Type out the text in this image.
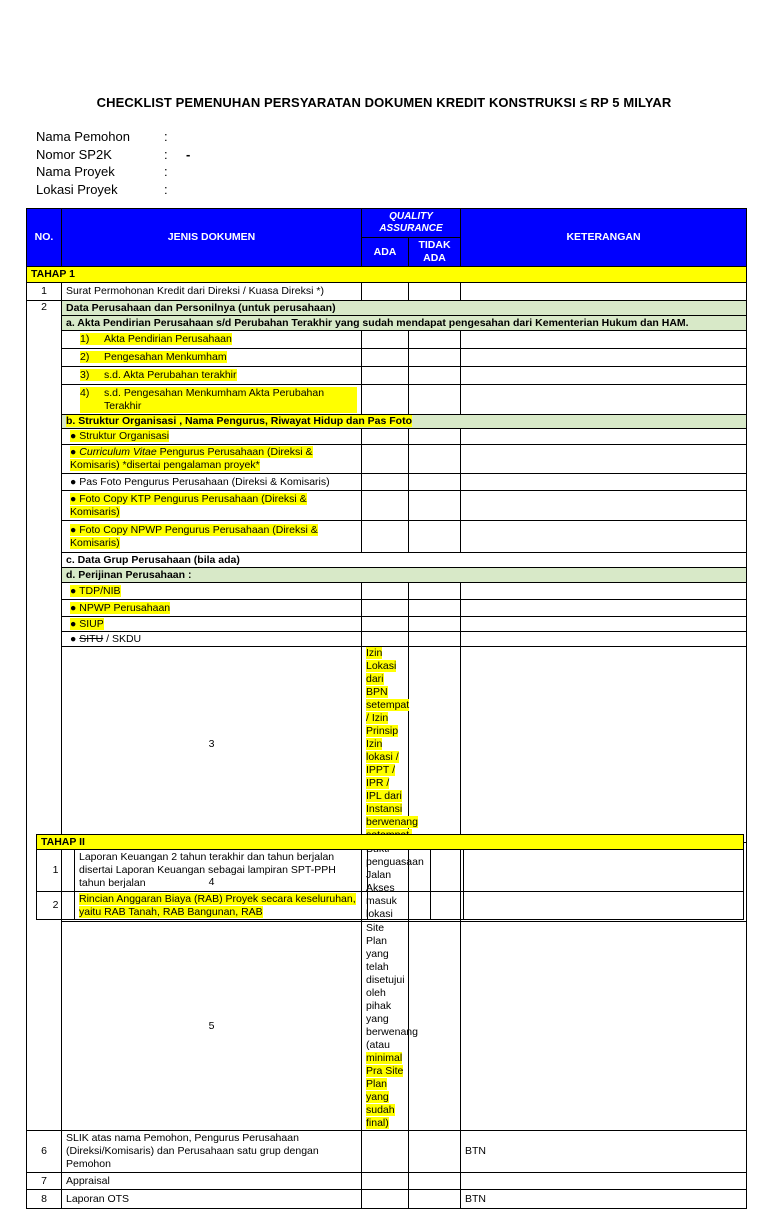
CHECKLIST PEMENUHAN PERSYARATAN DOKUMEN KREDIT KONSTRUKSI ≤ RP 5 MILYAR
Nama Pemohon	:
Nomor SP2K	:	-
Nama Proyek	:
Lokasi Proyek	:
NO.	JENIS DOKUMEN	QUALITY ASSURANCE		KETERANGAN	
		ADA	TIDAK ADA		
TAHAP 1					
1	Surat Permohonan Kredit dari Direksi / Kuasa Direksi *)				
2	Data Perusahaan dan Personilnya (untuk perusahaan)				
	a. Akta Pendirian Perusahaan s/d Perubahan Terakhir yang sudah mendapat pengesahan dari Kementerian Hukum dan HAM.				
	1) Akta Pendirian Perusahaan				
	2) Pengesahan Menkumham				
	3) s.d. Akta Perubahan terakhir				

	4) s.d. Pengesahan Menkumham Akta Perubahan Terakhir				

	b. Struktur Organisasi , Nama Pengurus, Riwayat Hidup dan Pas Foto				
	● Struktur Organisasi				
	● Curriculum Vitae Pengurus Perusahaan (Direksi & Komisaris) *disertai pengalaman proyek*				
	● Pas Foto Pengurus Perusahaan (Direksi & Komisaris)				
	● Foto Copy KTP Pengurus Perusahaan (Direksi & Komisaris)				
	● Foto Copy NPWP Pengurus Perusahaan (Direksi & Komisaris)				
	c. Data Grup Perusahaan (bila ada)				
	d. Perijinan Perusahaan :				
	● TDP/NIB				
	● NPWP Perusahaan				
	● SIUP				
	● SITU / SKDU				
	3	Izin Lokasi dari BPN setempat / Izin Prinsip
Izin lokasi / IPPT / IPR / IPL dari Instansi berwenang			
	4	penguasaan Jalan Akses masuk lokasi			
	5	Site Plan yang telah disetujui oleh pihak yang berwenang
(atau minimal Pra Site Plan yang sudah final)			
6	SLIK atas nama Pemohon, Pengurus Perusahaan (Direksi/Komisaris) dan Perusahaan satu grup dengan Pemohon			BTN	
7	Appraisal				
8	Laporan OTS			BTN	
TAHAP II				
1	Laporan Keuangan 2 tahun terakhir dan tahun berjalan disertai Laporan Keuangan sebagai lampiran SPT-PPH tahun berjalan			
2	Rincian Anggaran Biaya (RAB) Proyek secara keseluruhan, yaitu RAB Tanah, RAB Bangunan, RAB			
